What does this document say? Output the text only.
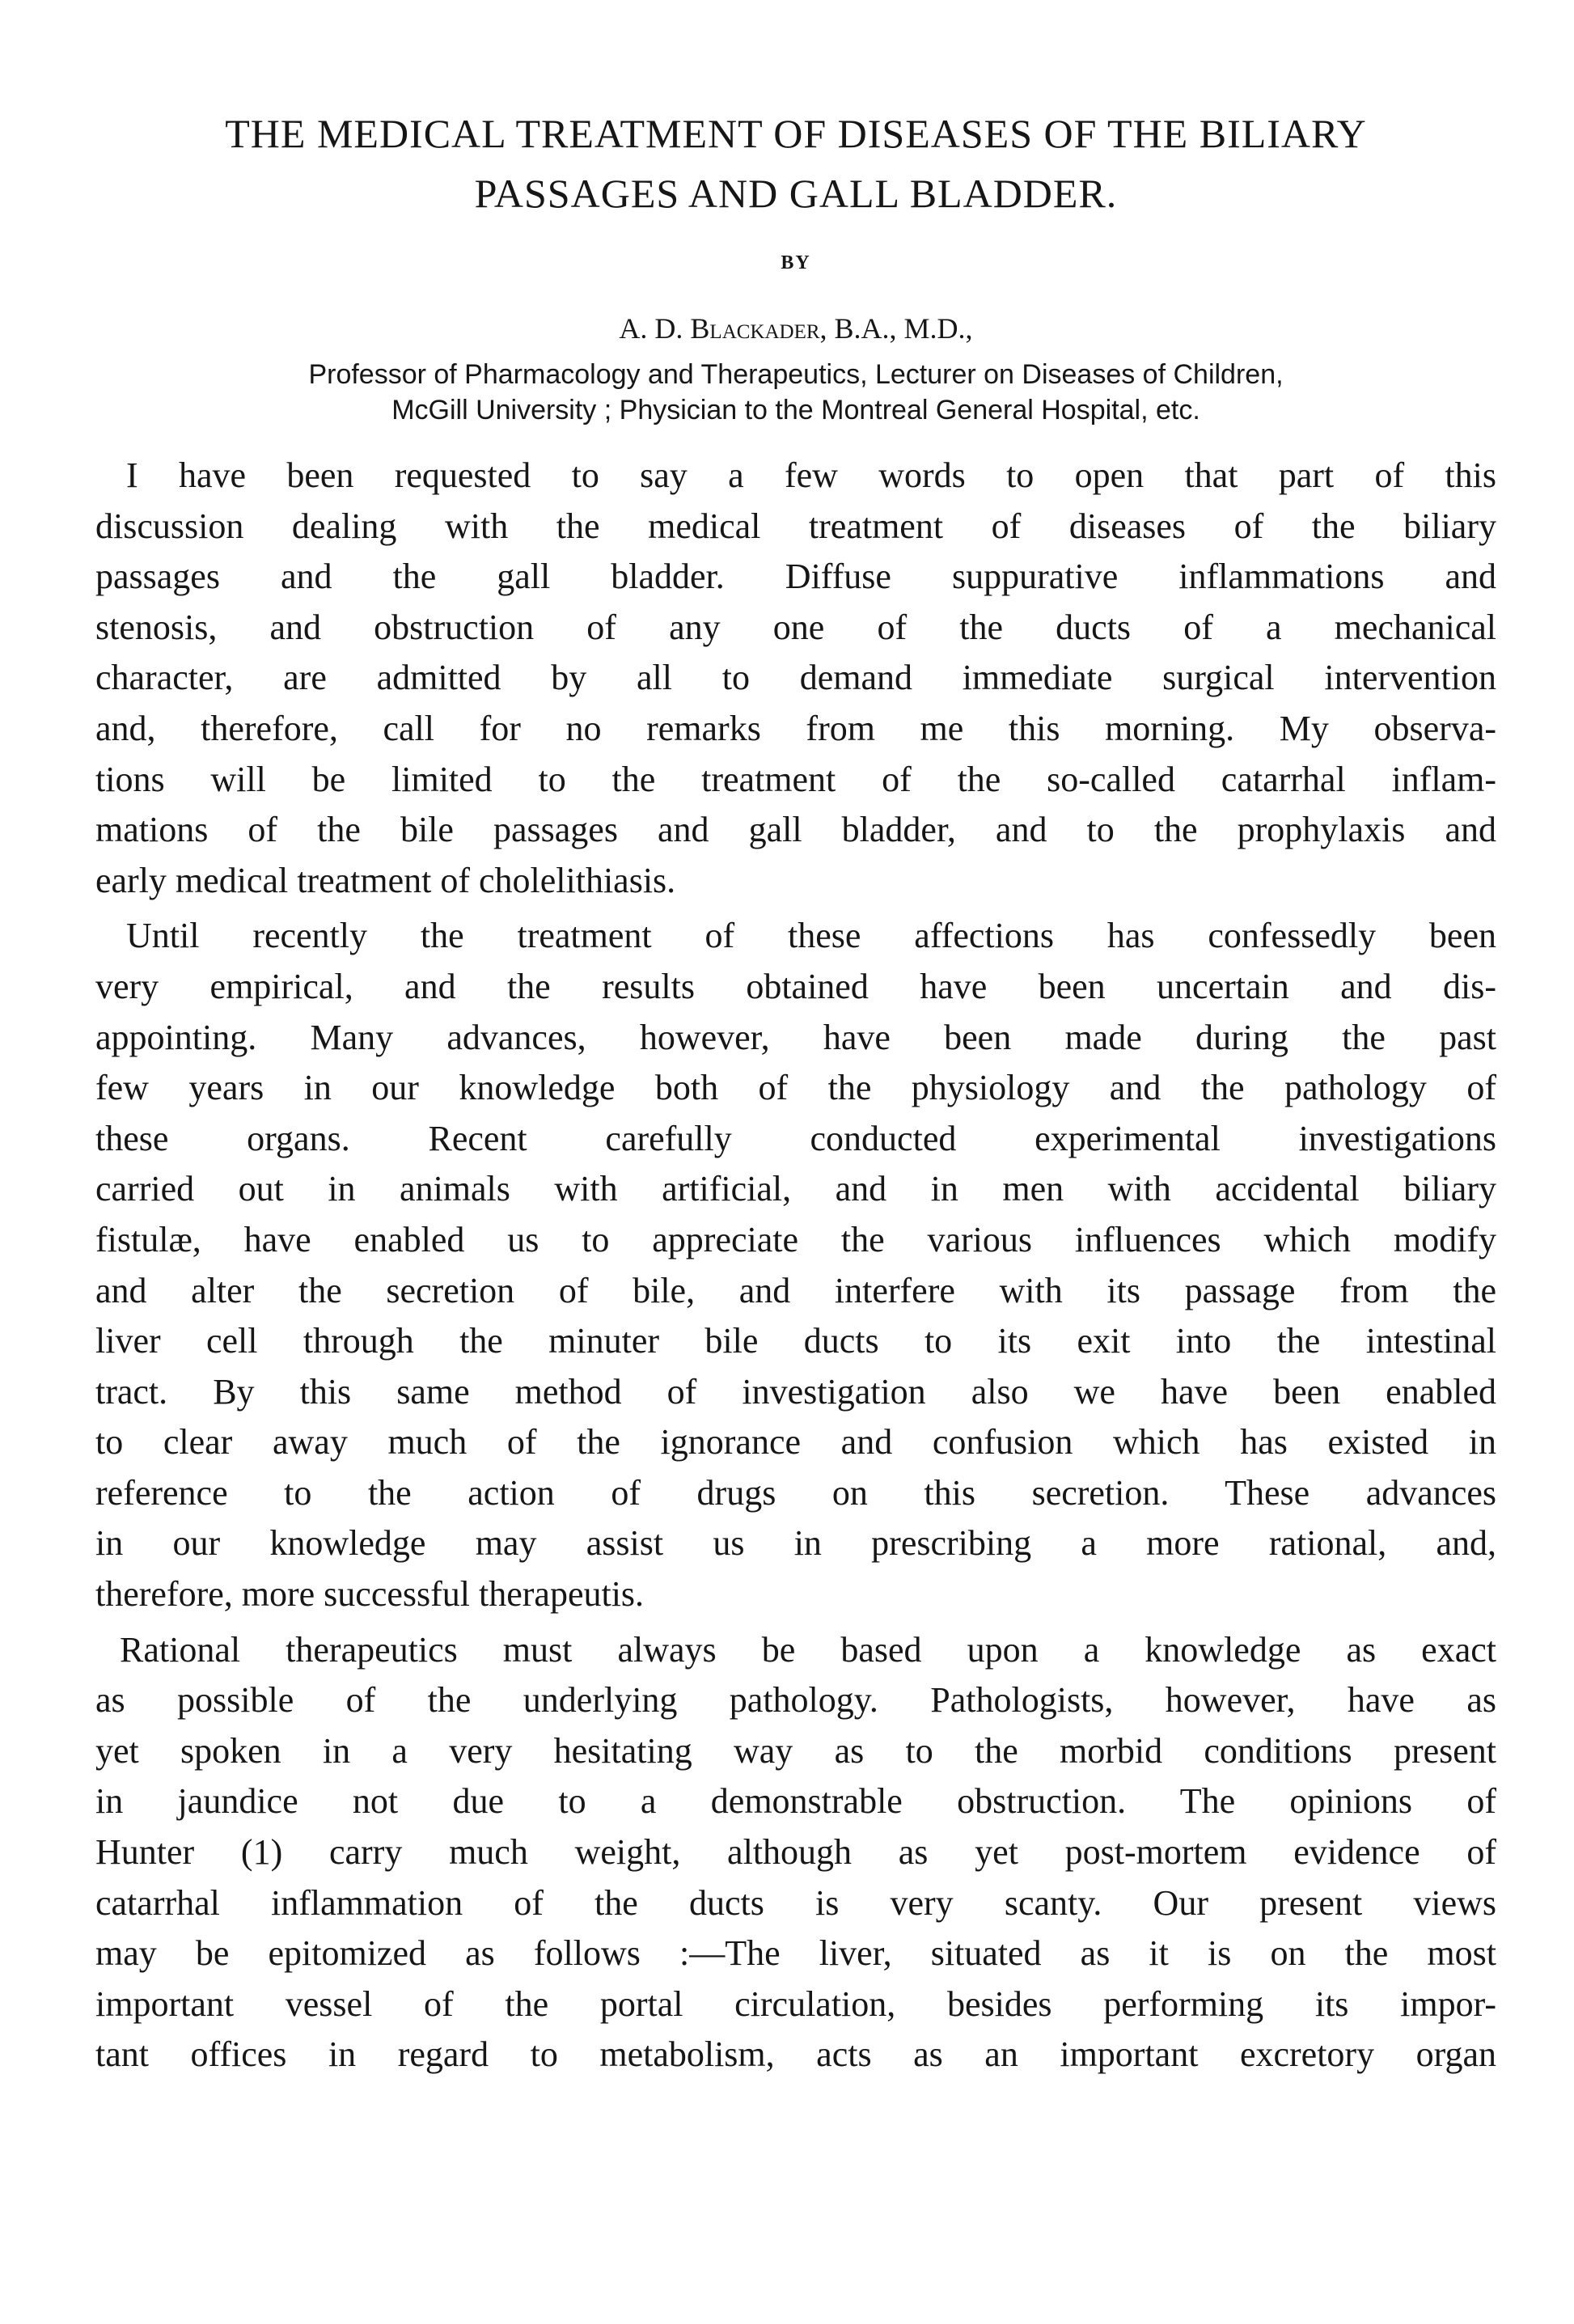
THE MEDICAL TREATMENT OF DISEASES OF THE BILIARY
PASSAGES AND GALL BLADDER.

BY

A. D. Blackader, B.A., M.D.,

Professor of Pharmacology and Therapeutics, Lecturer on Diseases of Children,
McGill University ; Physician to the Montreal General Hospital, etc.

I have been requested to say a few words to open that part of this
discussion dealing with the medical treatment of diseases of the biliary
passages and the gall bladder. Diffuse suppurative inflammations and
stenosis, and obstruction of any one of the ducts of a mechanical
character, are admitted by all to demand immediate surgical intervention
and, therefore, call for no remarks from me this morning. My observa-
tions will be limited to the treatment of the so-called catarrhal inflam-
mations of the bile passages and gall bladder, and to the prophylaxis and
early medical treatment of cholelithiasis.

Until recently the treatment of these affections has confessedly been
very empirical, and the results obtained have been uncertain and dis-
appointing. Many advances, however, have been made during the past
few years in our knowledge both of the physiology and the pathology of
these organs. Recent carefully conducted experimental investigations
carried out in animals with artificial, and in men with accidental biliary
fistulæ, have enabled us to appreciate the various influences which modify
and alter the secretion of bile, and interfere with its passage from the
liver cell through the minuter bile ducts to its exit into the intestinal
tract. By this same method of investigation also we have been enabled
to clear away much of the ignorance and confusion which has existed in
reference to the action of drugs on this secretion. These advances
in our knowledge may assist us in prescribing a more rational, and,
therefore, more successful therapeutis.

Rational therapeutics must always be based upon a knowledge as exact
as possible of the underlying pathology. Pathologists, however, have as
yet spoken in a very hesitating way as to the morbid conditions present
in jaundice not due to a demonstrable obstruction. The opinions of
Hunter (1) carry much weight, although as yet post-mortem evidence of
catarrhal inflammation of the ducts is very scanty. Our present views
may be epitomized as follows :—The liver, situated as it is on the most
important vessel of the portal circulation, besides performing its impor-
tant offices in regard to metabolism, acts as an important excretory organ
